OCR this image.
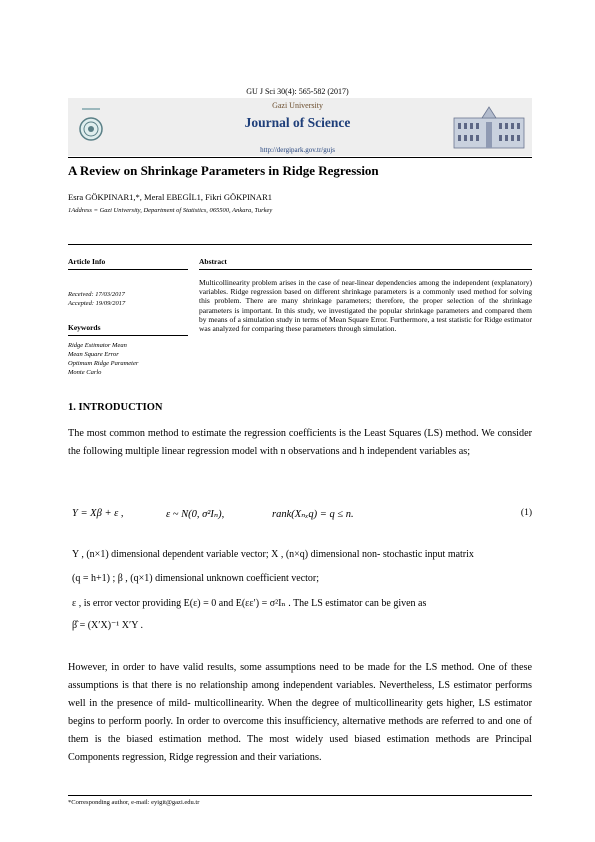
GU J Sci 30(4): 565-582 (2017)
Gazi University
Journal of Science
http://dergipark.gov.tr/gujs
A Review on Shrinkage Parameters in Ridge Regression
Esra GÖKPINAR1,*, Meral EBEGİL1, Fikri GÖKPINAR1
1Address = Gazi University, Department of Statistics, 065500, Ankara, Turkey
Article Info
Received: 17/03/2017
Accepted: 19/09/2017
Keywords
Ridge Estimator Mean
Mean Square Error
Optimum Ridge Parameter
Monte Carlo
Abstract
Multicollinearity problem arises in the case of near-linear dependencies among the independent (explanatory) variables. Ridge regression based on different shrinkage parameters is a commonly used method for solving this problem. There are many shrinkage parameters; therefore, the proper selection of the shrinkage parameters is important. In this study, we investigated the popular shrinkage parameters and compared them by means of a simulation study in terms of Mean Square Error. Furthermore, a test statistic for Ridge estimator was analyzed for comparing these parameters through simulation.
1. INTRODUCTION
The most common method to estimate the regression coefficients is the Least Squares (LS) method. We consider the following multiple linear regression model with n observations and h independent variables as;
Y = Xβ + ε ,	ε ~ N(0, σ²Iₙ),	rank(Xₙₓq) = q ≤ n.	(1)
Y , (n×1) dimensional dependent variable vector; X , (n×q) dimensional non- stochastic input matrix
(q = h+1) ; β , (q×1) dimensional unknown coefficient vector;
ε , is error vector providing E(ε) = 0 and E(εε′) = σ²Iₙ . The LS estimator can be given as
β̂ = (X′X)⁻¹ X′Y .
However, in order to have valid results, some assumptions need to be made for the LS method. One of these assumptions is that there is no relationship among independent variables. Nevertheless, LS estimator performs well in the presence of mild- multicollinearity. When the degree of multicollinearity gets higher, LS estimator begins to perform poorly. In order to overcome this insufficiency, alternative methods are referred to and one of them is the biased estimation method. The most widely used biased estimation methods are Principal Components regression, Ridge regression and their variations.
*Corresponding author, e-mail: eyigit@gazi.edu.tr
